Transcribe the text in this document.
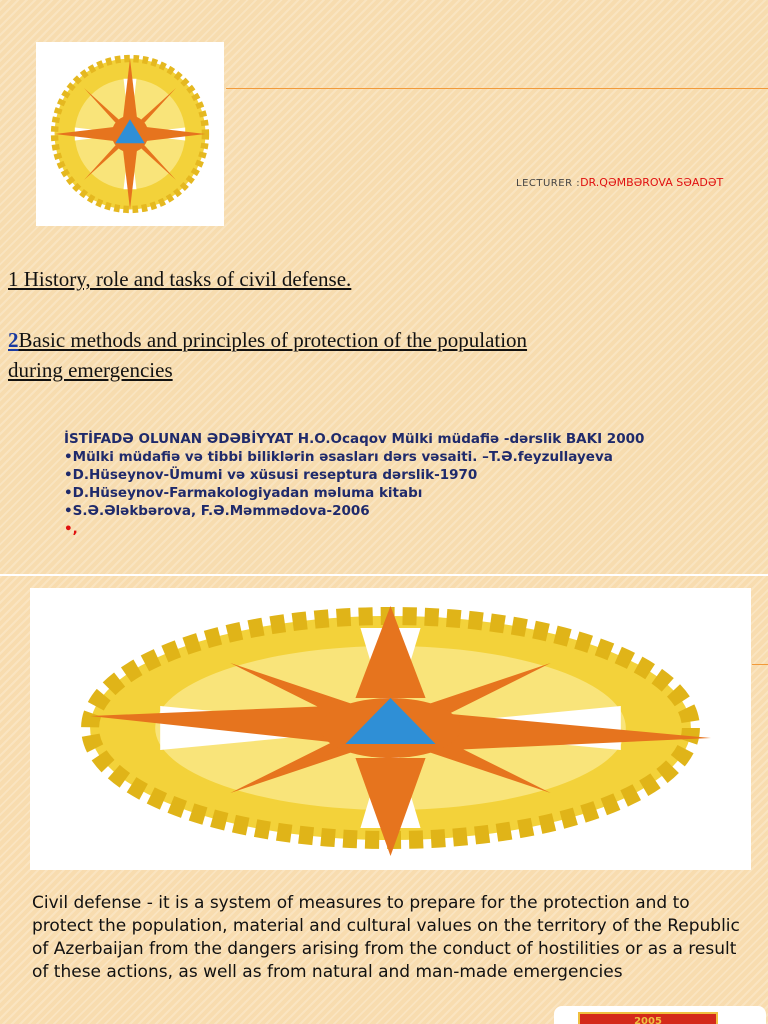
LECTURER :DR.QƏMBƏROVA SƏADƏT
1 History, role and tasks of civil defense.
2Basic methods and principles of protection of the population
during emergencies
İSTİFADƏ OLUNAN ƏDƏBİYYAT H.O.Ocaqov Mülki müdafiə -dərslik BAKI 2000
•Mülki müdafiə və tibbi biliklərin əsasları dərs vəsaiti. –T.Ə.feyzullayeva
•D.Hüseynov-Ümumi və xüsusi reseptura dərslik-1970
•D.Hüseynov-Farmakologiyadan məluma kitabı
•S.Ə.Ələkbərova, F.Ə.Məmmədova-2006
•,
Civil defense - it is a system of measures to prepare for the protection and to protect the population, material and cultural values on the territory of the Republic of Azerbaijan from the dangers arising from the conduct of hostilities or as a result of these actions, as well as from natural and man-made emergencies
2005
